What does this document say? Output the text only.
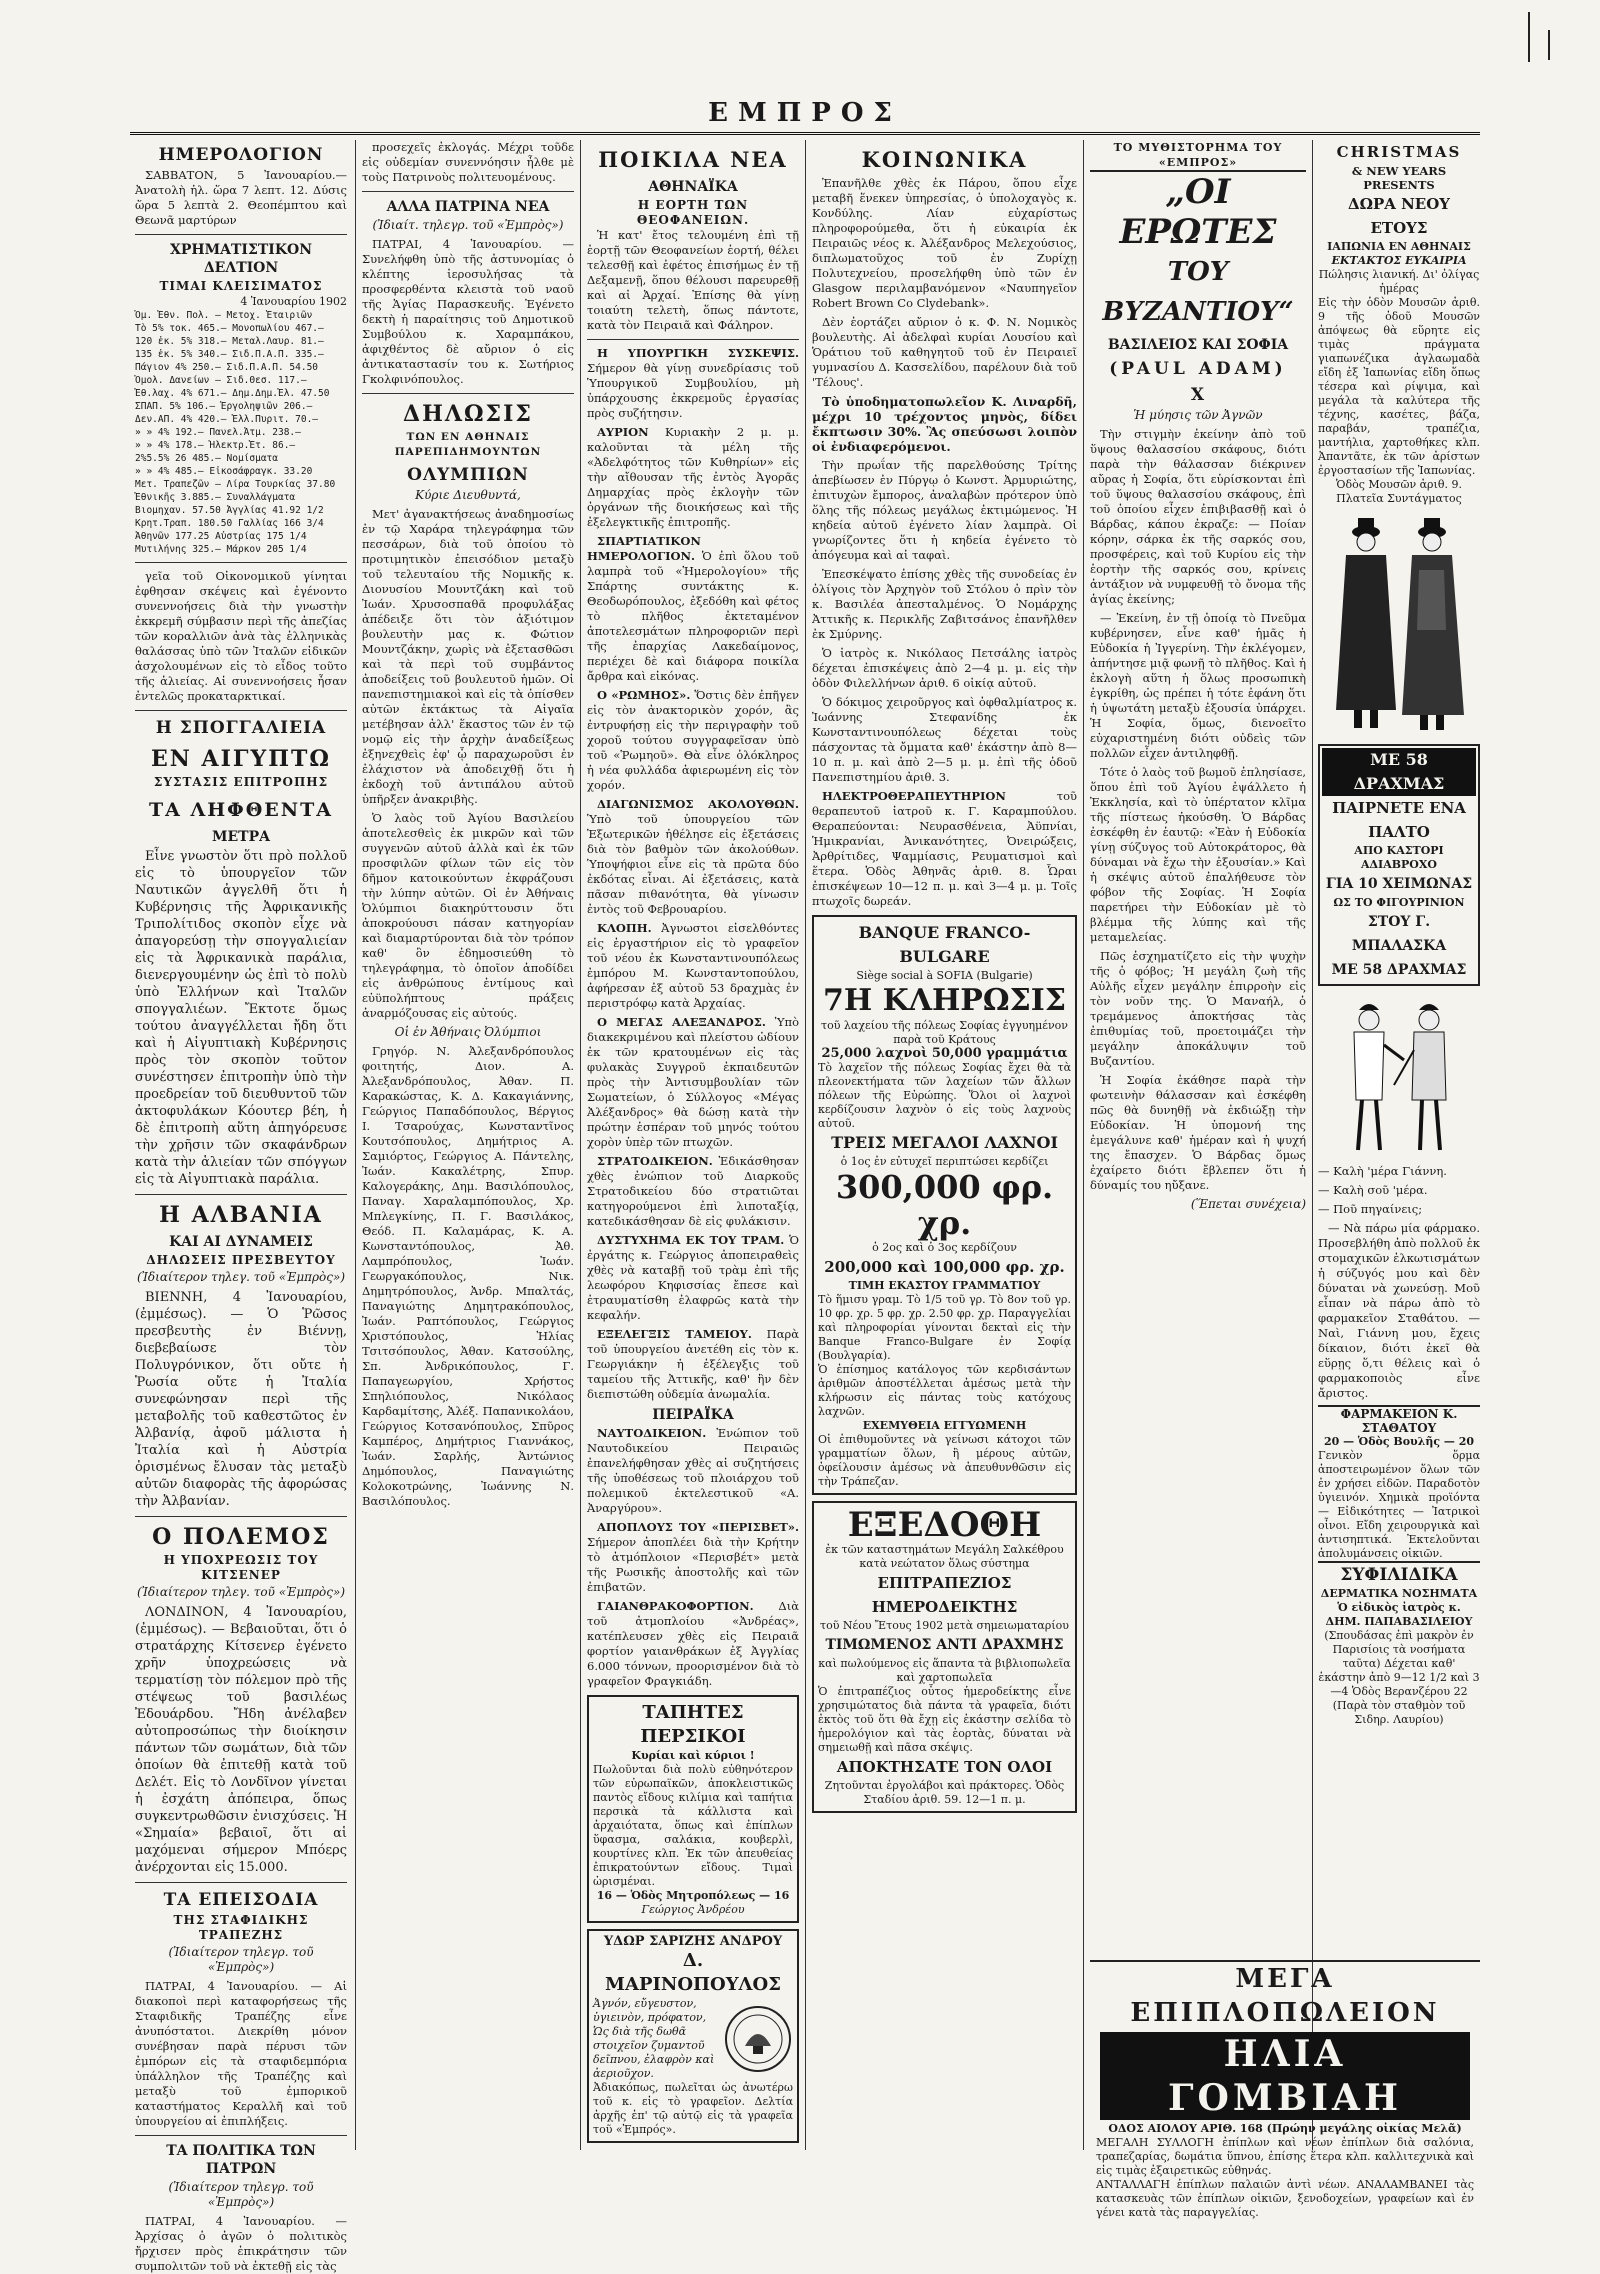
ΕΜΠΡΟΣ
ΗΜΕΡΟΛΟΓΙΟΝ

ΣΑΒΒΑΤΟΝ, 5 Ἰανουαρίου.— Ἀνατολὴ ἡλ. ὥρα 7 λεπτ. 12. Δύσις ὥρα 5 λεπτὰ 2. Θεοπέμπτου καὶ Θεωνᾶ μαρτύρων

ΧΡΗΜΑΤΙΣΤΙΚΟΝ ΔΕΛΤΙΟΝ
ΤΙΜΑΙ ΚΛΕΙΣΙΜΑΤΟΣ
4 Ἰανουαρίου 1902
Ὁμ. Ἐθν. Πολ. — Μετοχ. Ἑταιριῶν
Τὸ 5% τοκ. 465.— Μονοπωλίου 467.—
120 ἐκ. 5% 318.— Μεταλ.Λαυρ. 81.—
135 ἐκ. 5% 340.— Σιδ.Π.Α.Π. 335.—
Πάγιον 4% 250.— Σιδ.Π.Α.Π. 54.50
Ὁμολ. Δανείων — Σιδ.Θεσ. 117.—
Ἐθ.λαχ. 4% 671.— Δημ.Δημ.Ἐλ. 47.50
ΣΠΑΠ. 5% 106.— Ἐργοληψιῶν 206.—
Δεν.ΑΠ. 4% 420.— Ἑλλ.Πυριτ. 70.—
» » 4% 192.— Πανελ.Ἀτμ. 238.—
» » 4% 178.— Ἠλεκτρ.Ἑτ. 86.—
2%5.5% 26 485.— Νομίσματα
» » 4% 485.— Εἰκοσάφραγκ. 33.20
Μετ. Τραπεζῶν — Λίρα Τουρκίας 37.80
Ἐθνικῆς 3.885.— Συναλλάγματα
Βιομηχαν. 57.50 Ἀγγλίας 41.92 1/2
Κρητ.Τραπ. 180.50 Γαλλίας 166 3/4
Ἀθηνῶν 177.25 Αὐστρίας 175 1/4
Μυτιλήνης 325.— Μάρκον 205 1/4

γεῖα τοῦ Οἰκονομικοῦ γίνηται ἐφθησαν σκέψεις καὶ ἐγένοντο συνεννοήσεις διὰ τὴν γνωστὴν ἐκκρεμῆ σύμβασιν περὶ τῆς ἀπεζίας τῶν κοραλλιῶν ἀνὰ τὰς ἑλληνικὰς θαλάσσας ὑπὸ τῶν Ἰταλῶν εἰδικῶν ἀσχολουμένων εἰς τὸ εἶδος τοῦτο τῆς ἁλιείας. Αἱ συνεννοήσεις ἦσαν ἐντελῶς προκαταρκτικαί.

Η ΣΠΟΓΓΑΛΙΕΙΑ
ΕΝ ΑΙΓΥΠΤΩ
ΣΥΣΤΑΣΙΣ ΕΠΙΤΡΟΠΗΣ
ΤΑ ΛΗΦΘΕΝΤΑ
ΜΕΤΡΑ

Εἶνε γνωστὸν ὅτι πρὸ πολλοῦ εἰς τὸ ὑπουργεῖον τῶν Ναυτικῶν ἀγγελθῆ ὅτι ἡ Κυβέρνησις τῆς Ἀφρικανικῆς Τριπολίτιδος σκοπὸν εἶχε νὰ ἀπαγορεύσῃ τὴν σπογγαλιείαν εἰς τὰ Ἀφρικανικὰ παράλια, διενεργουμένην ὡς ἐπὶ τὸ πολὺ ὑπὸ Ἑλλήνων καὶ Ἰταλῶν σπογγαλιέων. Ἔκτοτε ὅμως τούτου ἀναγγέλλεται ἤδη ὅτι καὶ ἡ Αἰγυπτιακὴ Κυβέρνησις πρὸς τὸν σκοπὸν τοῦτον συνέστησεν ἐπιτροπὴν ὑπὸ τὴν προεδρείαν τοῦ διευθυντοῦ τῶν ἀκτοφυλάκων Κόουτερ βέη, ἡ δὲ ἐπιτροπὴ αὕτη ἀπηγόρευσε τὴν χρῆσιν τῶν σκαφάνδρων κατὰ τὴν ἁλιείαν τῶν σπόγγων εἰς τὰ Αἰγυπτιακὰ παράλια.

Η ΑΛΒΑΝΙΑ
ΚΑΙ ΑΙ ΔΥΝΑΜΕΙΣ
ΔΗΛΩΣΕΙΣ ΠΡΕΣΒΕΥΤΟΥ
(Ἰδιαίτερον τηλεγ. τοῦ «Ἐμπρὸς»)

ΒΙΕΝΝΗ, 4 Ἰανουαρίου, (ἐμμέσως). — Ὁ Ῥῶσος πρεσβευτὴς ἐν Βιέννῃ, διεβεβαίωσε τὸν Πολυγρόνικον, ὅτι οὔτε ἡ Ῥωσία οὔτε ἡ Ἰταλία συνεφώνησαν περὶ τῆς μεταβολῆς τοῦ καθεστῶτος ἐν Ἀλβανίᾳ, ἀφοῦ μάλιστα ἡ Ἰταλία καὶ ἡ Αὐστρία ὁρισμένως ἔλυσαν τὰς μεταξὺ αὐτῶν διαφορὰς τῆς ἀφορώσας τὴν Ἀλβανίαν.

Ο ΠΟΛΕΜΟΣ
Η ΥΠΟΧΡΕΩΣΙΣ ΤΟΥ ΚΙΤΣΕΝΕΡ
(Ἰδιαίτερον τηλεγ. τοῦ «Ἐμπρὸς»)

ΛΟΝΔΙΝΟΝ, 4 Ἰανουαρίου, (ἐμμέσως). — Βεβαιοῦται, ὅτι ὁ στρατάρχης Κίτσενερ ἐγένετο χρῆν ὑποχρεώσεις νὰ τερματίσῃ τὸν πόλεμον πρὸ τῆς στέψεως τοῦ βασιλέως Ἐδουάρδου. Ἤδη ἀνέλαβεν αὐτοπροσώπως τὴν διοίκησιν πάντων τῶν σωμάτων, διὰ τῶν ὁποίων θὰ ἐπιτεθῇ κατὰ τοῦ Δελέτ. Εἰς τὸ Λονδῖνον γίνεται ἡ ἐσχάτη ἀπόπειρα, ὅπως συγκεντρωθῶσιν ἐνισχύσεις. Ἡ «Σημαία» βεβαιοῖ, ὅτι αἱ μαχόμεναι σήμερον Μπόερς ἀνέρχονται εἰς 15.000.

ΤΑ ΕΠΕΙΣΟΔΙΑ
ΤΗΣ ΣΤΑΦΙΔΙΚΗΣ ΤΡΑΠΕΖΗΣ
(Ἰδιαίτερον τηλεγρ. τοῦ «Ἐμπρὸς»)

ΠΑΤΡΑΙ, 4 Ἰανουαρίου. — Αἱ διακοποὶ περὶ καταφορήσεως τῆς Σταφιδικῆς Τραπέζης εἶνε ἀνυπόστατοι. Διεκρίθη μόνον συνέβησαν παρὰ πέρυσι τῶν ἐμπόρων εἰς τὰ σταφιδεμπόρια ὑπάλληλον τῆς Τραπέζης καὶ μεταξὺ τοῦ ἐμπορικοῦ καταστήματος Κεραλλῆ καὶ τοῦ ὑπουργείου αἱ ἐπιπλήξεις.

ΤΑ ΠΟΛΙΤΙΚΑ ΤΩΝ ΠΑΤΡΩΝ
(Ἰδιαίτερον τηλεγρ. τοῦ «Ἐμπρὸς»)

ΠΑΤΡΑΙ, 4 Ἰανουαρίου. — Ἀρχίσας ὁ ἀγῶν ὁ πολιτικὸς ἤρχισεν πρὸς ἐπικράτησιν τῶν συμπολιτῶν τοῦ νὰ ἐκτεθῇ εἰς τὰς

προσεχεῖς ἐκλογάς. Μέχρι τοῦδε εἰς οὐδεμίαν συνεννόησιν ἦλθε μὲ τοὺς Πατρινοὺς πολιτευομένους.

ΑΛΛΑ ΠΑΤΡΙΝΑ ΝΕΑ
(Ἰδιαίτ. τηλεγρ. τοῦ «Ἐμπρὸς»)

ΠΑΤΡΑΙ, 4 Ἰανουαρίου. — Συνελήφθη ὑπὸ τῆς ἀστυνομίας ὁ κλέπτης ἱεροσυλήσας τὰ προσφερθέντα κλειστὰ τοῦ ναοῦ τῆς Ἁγίας Παρασκευῆς. Ἐγένετο δεκτὴ ἡ παραίτησις τοῦ Δημοτικοῦ Συμβούλου κ. Χαραμπάκου, ἀφιχθέντος δὲ αὔριον ὁ εἰς ἀντικαταστασίν του κ. Σωτήριος Γκολφινόπουλος.

ΔΗΛΩΣΙΣ
ΤΩΝ ΕΝ ΑΘΗΝΑΙΣ ΠΑΡΕΠΙΔΗΜΟΥΝΤΩΝ
ΟΛΥΜΠΙΩΝ
Κύριε Διευθυντά,

Μετ' ἀγανακτήσεως ἀναδημοσίως ἐν τῷ Χαράρα τηλεγράφημα τῶν πεσσάρων, διὰ τοῦ ὁποίου τὸ προτιμητικὸν ἐπεισόδιον μεταξὺ τοῦ τελευταίου τῆς Νομικῆς κ. Διονυσίου Μουντζάκη καὶ τοῦ Ἰωάν. Χρυσοσπαθᾶ προφυλάξας ἀπέδειξε ὅτι τὸν ἀξιότιμον βουλευτὴν μας κ. Φώτιον Μουντζάκην, χωρὶς νὰ ἐξετασθῶσι καὶ τὰ περὶ τοῦ συμβάντος ἀποδείξεις τοῦ βουλευτοῦ ἡμῶν. Οἱ πανεπιστημιακοὶ καὶ εἰς τὰ ὀπίσθεν αὐτῶν ἐκτάκτως τὰ Αἰγαῖα μετέβησαν ἀλλ' ἕκαστος τῶν ἐν τῷ νομῷ εἰς τὴν ἀρχὴν ἀναδείξεως ἐξηνεχθεὶς ἐφ' ᾧ παραχωροῦσι ἐν ἐλάχιστον νὰ ἀποδειχθῇ ὅτι ἡ ἐκδοχὴ τοῦ ἀντιπάλου αὐτοῦ ὑπῆρξεν ἀνακριβὴς.

Ὁ λαὸς τοῦ Ἀγίου Βασιλείου ἀποτελεσθεὶς ἐκ μικρῶν καὶ τῶν συγγενῶν αὐτοῦ ἀλλὰ καὶ ἐκ τῶν προσφιλῶν φίλων τῶν εἰς τὸν δῆμον κατοικούντων ἐκφράζουσι τὴν λύπην αὐτῶν. Οἱ ἐν Ἀθήναις Ὀλύμπιοι διακηρύττουσιν ὅτι ἀποκρούουσι πάσαν κατηγορίαν καὶ διαμαρτύρονται διὰ τὸν τρόπον καθ' ὃν ἐδημοσιεύθη τὸ τηλεγράφημα, τὸ ὁποῖον ἀποδίδει εἰς ἀνθρώπους ἐντίμους καὶ εὐϋπολήπτους πράξεις ἀναρμόζουσας εἰς αὐτούς.

Οἱ ἐν Ἀθήναις Ὀλύμπιοι

Γρηγόρ. Ν. Ἀλεξανδρόπουλος φοιτητής, Διον. Α. Ἀλεξανδρόπουλος, Ἀθαν. Π. Καρακώστας, Κ. Δ. Κακαγιάννης, Γεώργιος Παπαδόπουλος, Βέργιος Ι. Τσαρούχας, Κωνσταντῖνος Κουτσόπουλος, Δημήτριος Α. Σαμιόρτος, Γεώργιος Α. Πάντελης, Ἰωάν. Κακαλέτρης, Σπυρ. Καλογεράκης, Δημ. Βασιλόπουλος, Παναγ. Χαραλαμπόπουλος, Χρ. Μπλεγκίνης, Π. Γ. Βασιλάκος, Θεόδ. Π. Καλαμάρας, Κ. Α. Κωνσταντόπουλος, Ἀθ. Λαμπρόπουλος, Ἰωάν. Γεωργακόπουλος, Νικ. Δημητρόπουλος, Ἀνδρ. Μπαλτάς, Παναγιώτης Δημητρακόπουλος, Ἰωάν. Ραπτόπουλος, Γεώργιος Χριστόπουλος, Ἠλίας Τσιτσόπουλος, Ἀθαν. Κατσούλης, Σπ. Ἀνδρικόπουλος, Γ. Παπαγεωργίου, Χρήστος Σπηλιόπουλος, Νικόλαος Καρδαμίτσης, Ἀλέξ. Παπανικολάου, Γεώργιος Κοτσανόπουλος, Σπῦρος Καμπέρος, Δημήτριος Γιαννάκος, Ἰωάν. Σαρλής, Ἀντώνιος Δημόπουλος, Παναγιώτης Κολοκοτρώνης, Ἰωάννης Ν. Βασιλόπουλος.

ΠΟΙΚΙΛΑ ΝΕΑ
ΑΘΗΝΑΪΚΑ
Η ΕΟΡΤΗ ΤΩΝ ΘΕΟΦΑΝΕΙΩΝ.

Ἡ κατ' ἔτος τελουμένη ἐπὶ τῇ ἑορτῇ τῶν Θεοφανείων ἑορτή, θέλει τελεσθῇ καὶ ἐφέτος ἐπισήμως ἐν τῇ Δεξαμενῇ, ὅπου θέλουσι παρευρεθῇ καὶ αἱ Ἀρχαί. Ἐπίσης θὰ γίνῃ τοιαύτη τελετὴ, ὅπως πάντοτε, κατὰ τὸν Πειραιᾶ καὶ Φάληρον.

Η ΥΠΟΥΡΓΙΚΗ ΣΥΣΚΕΨΙΣ. Σήμερον θὰ γίνῃ συνεδρίασις τοῦ Ὑπουργικοῦ Συμβουλίου, μὴ ὑπάρχουσης ἐκκρεμοῦς ἐργασίας πρὸς συζήτησιν.

ΑΥΡΙΟΝ Κυριακὴν 2 μ. μ. καλοῦνται τὰ μέλη τῆς «Ἀδελφότητος τῶν Κυθηρίων» εἰς τὴν αἴθουσαν τῆς ἐντὸς Ἀγορᾶς Δημαρχίας πρὸς ἐκλογὴν τῶν ὀργάνων τῆς διοικήσεως καὶ τῆς ἐξελεγκτικῆς ἐπιτροπῆς.

ΣΠΑΡΤΙΑΤΙΚΟΝ ΗΜΕΡΟΛΟΓΙΟΝ. Ὁ ἐπὶ ὅλου τοῦ λαμπρὰ τοῦ «Ἡμερολογίου» τῆς Σπάρτης συντάκτης κ. Θεοδωρόπουλος, ἐξεδόθη καὶ φέτος τὸ πλῆθος ἐκτεταμένον ἀποτελεσμάτων πληροφοριῶν περὶ τῆς ἐπαρχίας Λακεδαίμονος, περιέχει δὲ καὶ διάφορα ποικίλα ἄρθρα καὶ εἰκόνας.

Ο «ΡΩΜΗΟΣ». Ὅστις δὲν ἐπῆγεν εἰς τὸν ἀνακτορικὸν χορόν, ἂς ἐντρυφήσῃ εἰς τὴν περιγραφὴν τοῦ χοροῦ τούτου συγγραφεῖσαν ὑπὸ τοῦ «Ῥωμηοῦ». Θὰ εἶνε ὁλόκληρος ἡ νέα φυλλάδα ἀφιερωμένη εἰς τὸν χορόν.

ΔΙΑΓΩΝΙΣΜΟΣ ΑΚΟΛΟΥΘΩΝ. Ὑπὸ τοῦ ὑπουργείου τῶν Ἐξωτερικῶν ἠθέλησε εἰς ἐξετάσεις διὰ τὸν βαθμὸν τῶν ἀκολούθων. Ὑποψήφιοι εἶνε εἰς τὰ πρῶτα δύο ἐκδότας εἶναι. Αἱ ἐξετάσεις, κατὰ πᾶσαν πιθανότητα, θὰ γίνωσιν ἐντὸς τοῦ Φεβρουαρίου.

ΚΛΟΠΗ. Ἀγνωστοι εἰσελθόντες εἰς ἐργαστήριον εἰς τὸ γραφεῖον τοῦ νέου ἐκ Κωνσταντινουπόλεως ἐμπόρου Μ. Κωνσταντοπούλου, ἀφήρεσαν ἐξ αὐτοῦ 53 δραχμὰς ἐν περιστρόφῳ κατὰ Ἀρχαίας.

Ο ΜΕΓΑΣ ΑΛΕΞΑΝΔΡΟΣ. Ὑπὸ διακεκριμένου καὶ πλείστου ὠδίουν ἐκ τῶν κρατουμένων εἰς τὰς φυλακὰς Συγγροῦ ἐκπαιδευτῶν πρὸς τὴν Ἀντισυμβουλίαν τῶν Σωματείων, ὁ Σύλλογος «Μέγας Ἀλέξανδρος» θὰ δώσῃ κατὰ τὴν πρώτην ἑσπέραν τοῦ μηνός τούτου χορὸν ὑπὲρ τῶν πτωχῶν.

ΣΤΡΑΤΟΔΙΚΕΙΟΝ. Ἐδικάσθησαν χθὲς ἐνώπιον τοῦ Διαρκοῦς Στρατοδικείου δύο στρατιῶται κατηγορούμενοι ἐπὶ λιποταξίᾳ, κατεδικάσθησαν δὲ εἰς φυλάκισιν.

ΔΥΣΤΥΧΗΜΑ ΕΚ ΤΟΥ ΤΡΑΜ. Ὁ ἐργάτης κ. Γεώργιος ἀποπειραθεὶς χθὲς νὰ καταβῇ τοῦ τρὰμ ἐπὶ τῆς λεωφόρου Κηφισσίας ἔπεσε καὶ ἐτραυματίσθη ἐλαφρῶς κατὰ τὴν κεφαλήν.

ΕΞΕΛΕΓΞΙΣ ΤΑΜΕΙΟΥ. Παρὰ τοῦ ὑπουργείου ἀνετέθη εἰς τὸν κ. Γεωργιάκην ἡ ἐξέλεγξις τοῦ ταμείου τῆς Ἀττικῆς, καθ' ἣν δὲν διεπιστώθη οὐδεμία ἀνωμαλία.

ΠΕΙΡΑΪΚΑ

ΝΑΥΤΟΔΙΚΕΙΟΝ. Ἐνώπιον τοῦ Ναυτοδικείου Πειραιῶς ἐπανελήφθησαν χθὲς αἱ συζητήσεις τῆς ὑποθέσεως τοῦ πλοιάρχου τοῦ πολεμικοῦ ἐκτελεστικοῦ «Α. Ἀναργύρου».

ΑΠΟΠΛΟΥΣ ΤΟΥ «ΠΕΡΙΣΒΕΤ». Σήμερον ἀποπλέει διὰ τὴν Κρήτην τὸ ἀτμόπλοιον «Περισβέτ» μετὰ τῆς Ρωσικῆς ἀποστολῆς καὶ τῶν ἐπιβατῶν.

ΓΑΙΑΝΘΡΑΚΟΦΟΡΤΙΟΝ. Διὰ τοῦ ἀτμοπλοίου «Ἀνδρέας», κατέπλευσεν χθὲς εἰς Πειραιᾶ φορτίον γαιανθράκων ἐξ Ἀγγλίας 6.000 τόννων, προορισμένον διὰ τὸ γραφεῖον Φραγκιάδη.

ΤΑΠΗΤΕΣ ΠΕΡΣΙΚΟΙ
Κυρίαι καὶ κύριοι !
Πωλοῦνται διὰ πολὺ εὐθηνότερον τῶν εὐρωπαϊκῶν, ἀποκλειστικῶς παντὸς εἴδους κιλίμια καὶ ταπήτια περσικὰ τὰ κάλλιστα καὶ ἀρχαιότατα, ὅπως καὶ ἐπίπλων ὕφασμα, σαλάκια, κουβερλὶ, κουρτίνες κλπ. Ἐκ τῶν ἀπευθείας ἐπικρατούντων εἴδους. Τιμαὶ ὡρισμέναι.
16 — Ὁδὸς Μητροπόλεως — 16
Γεώργιος Ἀνδρέου
ΥΔΩΡ ΣΑΡΙΖΗΣ ΑΝΔΡΟΥ
Δ. ΜΑΡΙΝΟΠΟΥΛΟΣ
Ἀγνόν, εὔγευστον, ὑγιεινὸν, πρόφατον, Ὡς διὰ τῆς δωθᾶ στοιχεῖον ζυμαντοῦ δεῖπνου, ἐλαφρὸν καὶ ἀεριοῦχον.
Ἀδιακόπως, πωλεῖται ὡς ἀνωτέρω τοῦ κ. εἰς τὸ γραφεῖον. Δελτία ἀρχῆς ἐπ' τῷ αὐτῷ εἰς τὰ γραφεῖα τοῦ «Ἐμπρός».
ΚΟΙΝΩΝΙΚΑ

Ἐπανῆλθε χθὲς ἐκ Πάρου, ὅπου εἶχε μεταβῆ ἕνεκεν ὑπηρεσίας, ὁ ὑπολοχαγὸς κ. Κονδύλης. Λίαν εὐχαρίστως πληροφορούμεθα, ὅτι ἡ εὐκαιρία ἐκ Πειραιῶς νέος κ. Ἀλέξανδρος Μελεχούσιος, διπλωματοῦχος τοῦ ἐν Ζυρίχῃ Πολυτεχνείου, προσελήφθη ὑπὸ τῶν ἐν Glasgow περιλαμβανόμενον «Ναυπηγεῖον Robert Brown Co Clydebank».

Δὲν ἐορτάζει αὔριον ὁ κ. Φ. Ν. Νομικὸς βουλευτὴς. Αἱ ἀδελφαὶ κυρίαι Λουσίου καὶ Ὁράτιου τοῦ καθηγητοῦ τοῦ ἐν Πειραιεῖ γυμνασίου Δ. Κασσελίδου, παρέλουν διὰ τοῦ 'Τέλους'.

Τὸ ὑποδηματοπωλεῖον Κ. Λιναρδῆ, μέχρι 10 τρέχοντος μηνὸς, δίδει ἔκπτωσιν 30%. Ἂς σπεύσωσι λοιπὸν οἱ ἐνδιαφερόμενοι.

Τὴν πρωΐαν τῆς παρελθούσης Τρίτης ἀπεβίωσεν ἐν Πύργῳ ὁ Κωνστ. Ἀρμυριώτης, ἐπιτυχὼν ἔμπορος, ἀναλαβὼν πρότερον ὑπὸ ὅλης τῆς πόλεως μεγάλως ἐκτιμώμενος. Ἡ κηδεία αὐτοῦ ἐγένετο λίαν λαμπρὰ. Οἱ γνωρίζοντες ὅτι ἡ κηδεία ἐγένετο τὸ ἀπόγευμα καὶ αἱ ταφαὶ.

Ἐπεσκέψατο ἐπίσης χθὲς τῆς συνοδείας ἐν ὀλίγοις τὸν Ἀρχηγὸν τοῦ Στόλου ὁ πρὶν τὸν κ. Βασιλέα ἀπεσταλμένος. Ὁ Νομάρχης Ἀττικῆς κ. Περικλῆς Ζαβιτσάνος ἐπανῆλθεν ἐκ Σμύρνης.

Ὁ ἰατρὸς κ. Νικόλαος Πετσάλης ἰατρὸς δέχεται ἐπισκέψεις ἀπὸ 2—4 μ. μ. εἰς τὴν ὁδὸν Φιλελλήνων ἀριθ. 6 οἰκίᾳ αὐτοῦ.

Ὁ δόκιμος χειροῦργος καὶ ὀφθαλμίατρος κ. Ἰωάννης Στεφανίδης ἐκ Κωνσταντινουπόλεως δέχεται τοὺς πάσχοντας τὰ ὄμματα καθ' ἑκάστην ἀπὸ 8—10 π. μ. καὶ ἀπὸ 2—5 μ. μ. ἐπὶ τῆς ὁδοῦ Πανεπιστημίου ἀριθ. 3.

ΗΛΕΚΤΡΟΘΕΡΑΠΕΥΤΗΡΙΟΝ	τοῦ θεραπευτοῦ ἰατροῦ κ. Γ. Καραμπούλου. Θεραπεύονται: Νευρασθένεια, Ἀϋπνίαι, Ἡμικρανίαι, Ἀνικανότητες, Ὀνειρώξεις, Ἀρθρίτιδες, Ψαμμίασις, Ρευματισμοὶ καὶ ἕτερα. Ὁδὸς Ἀθηνᾶς ἀριθ. 8. Ὧραι ἐπισκέψεων 10—12 π. μ. καὶ 3—4 μ. μ. Τοῖς πτωχοῖς δωρεάν.

BANQUE FRANCO-BULGARE
Siège social à SOFIA (Bulgarie)
7Η ΚΛΗΡΩΣΙΣ
τοῦ λαχείου τῆς πόλεως Σοφίας ἐγγυημένον παρὰ τοῦ Κράτους
25,000 λαχνοὶ 50,000 γραμμάτια
Τὸ λαχεῖον τῆς πόλεως Σοφίας ἔχει θὰ τὰ πλεονεκτήματα τῶν λαχείων τῶν ἄλλων πόλεων τῆς Εὐρώπης. Ὅλοι οἱ λαχνοὶ κερδίζουσιν λαχνὸν ὁ εἰς τοὺς λαχνοὺς αὐτοῦ.
ΤΡΕΙΣ ΜΕΓΑΛΟΙ ΛΑΧΝΟΙ
ὁ 1ος ἐν εὐτυχεῖ περιπτώσει κερδίζει
300,000 φρ. χρ.
ὁ 2ος καὶ ὁ 3ος κερδίζουν
200,000 καὶ 100,000 φρ. χρ.
ΤΙΜΗ ΕΚΑΣΤΟΥ ΓΡΑΜΜΑΤΙΟΥ
Τὸ ἥμισυ γραμ. Τὸ 1/5 τοῦ γρ. Τὸ 8ον τοῦ γρ. 10 φρ. χρ. 5 φρ. χρ. 2.50 φρ. χρ. Παραγγελίαι καὶ πληροφορίαι γίνονται δεκταὶ εἰς τὴν Banque Franco-Bulgare ἐν Σοφίᾳ (Βουλγαρία).
Ὁ ἐπίσημος κατάλογος τῶν κερδισάντων ἀριθμῶν ἀποστέλλεται ἀμέσως μετὰ τὴν κλήρωσιν εἰς πάντας τοὺς κατόχους λαχνῶν.
ΕΧΕΜΥΘΕΙΑ ΕΓΓΥΩΜΕΝΗ
Οἱ ἐπιθυμοῦντες νὰ γείνωσι κάτοχοι τῶν γραμματίων ὅλων, ἢ μέρους αὐτῶν, ὀφείλουσιν ἀμέσως νὰ ἀπευθυνθῶσιν εἰς τὴν Τράπεζαν.
ΕΞΕΔΟΘΗ
ἐκ τῶν καταστημάτων Μεγάλη Σαλκέθρου κατὰ νεώτατον ὅλως σύστημα
ΕΠΙΤΡΑΠΕΖΙΟΣ ΗΜΕΡΟΔΕΙΚΤΗΣ
τοῦ Νέου Ἔτους 1902 μετὰ σημειωματαρίου
ΤΙΜΩΜΕΝΟΣ ΑΝΤΙ ΔΡΑΧΜΗΣ
καὶ πωλούμενος εἰς ἅπαντα τὰ βιβλιοπωλεῖα καὶ χαρτοπωλεῖα
Ὁ ἐπιτραπέζιος οὗτος ἡμεροδείκτης εἶνε χρησιμώτατος διὰ πάντα τὰ γραφεῖα, διότι ἐκτὸς τοῦ ὅτι θὰ ἔχῃ εἰς ἑκάστην σελίδα τὸ ἡμερολόγιον καὶ τὰς ἑορτὰς, δύναται νὰ σημειωθῇ καὶ πᾶσα σκέψις.
ΑΠΟΚΤΗΣΑΤΕ ΤΟΝ ΟΛΟΙ
Ζητοῦνται ἐργολάβοι καὶ πράκτορες. Ὁδὸς Σταδίου ἀριθ. 59. 12—1 π. μ.
ΤΟ ΜΥΘΙΣΤΟΡΗΜΑ ΤΟΥ «ΕΜΠΡΟΣ»
„ΟΙ ΕΡΩΤΕΣ
ΤΟΥ ΒΥΖΑΝΤΙΟΥ“
ΒΑΣΙΛΕΙΟΣ ΚΑΙ ΣΟΦΙΑ
(PAUL ADAM)
X
Ἡ μύησις τῶν Ἀγνῶν

Τὴν στιγμὴν ἐκείνην ἀπὸ τοῦ ὕψους θαλασσίου σκάφους, διότι παρὰ τὴν θάλασσαν διέκρινεν αὔρας ἡ Σοφία, ὅτι εὑρίσκονται ἐπὶ τοῦ ὕψους θαλασσίου σκάφους, ἐπὶ τοῦ ὁποίου εἶχεν ἐπιβιβασθῇ καὶ ὁ Βάρδας, κάπου ἐκραζε: — Ποίαν κόρην, σάρκα ἐκ τῆς σαρκός σου, προσφέρεις, καὶ τοῦ Κυρίου εἰς τὴν ἑορτὴν τῆς σαρκός σου, κρίνεις ἀντάξιον νὰ νυμφευθῇ τὸ ὄνομα τῆς ἁγίας ἐκείνης;

— Ἐκείνη, ἐν τῇ ὁποίᾳ τὸ Πνεῦμα κυβέρνησεν, εἶνε καθ' ἡμᾶς ἡ Εὐδοκία ἡ Ἰγγερίνη. Τὴν ἐκλέγομεν, ἀπήντησε μιᾷ φωνῇ τὸ πλῆθος. Καὶ ἡ ἐκλογὴ αὕτη ἡ ὅλως προσωπικὴ ἐγκρίθη, ὡς πρέπει ἡ τότε ἐφάνη ὅτι ἡ ὑψωτάτη μεταξὺ ἐξουσία ὑπάρχει. Ἡ Σοφία, ὅμως, διενοεῖτο εὐχαριστημένη διότι οὐδεὶς τῶν πολλῶν εἶχεν ἀντιληφθῇ.

Τότε ὁ λαὸς τοῦ βωμοῦ ἐπλησίασε, ὅπου ἐπὶ τοῦ Ἁγίου ἐψάλλετο ἡ Ἐκκλησία, καὶ τὸ ὑπέρτατον κλῖμα τῆς πίστεως ἠκούσθη. Ὁ Βάρδας ἐσκέφθη ἐν ἑαυτῷ: «Ἐὰν ἡ Εὐδοκία γίνῃ σύζυγος τοῦ Αὐτοκράτορος, θὰ δύναμαι νὰ ἔχω τὴν ἐξουσίαν.» Καὶ ἡ σκέψις αὐτοῦ ἐπαλήθευσε τὸν φόβον τῆς Σοφίας. Ἡ Σοφία παρετήρει τὴν Εὐδοκίαν μὲ τὸ βλέμμα τῆς λύπης καὶ τῆς μεταμελείας.

Πῶς ἐσχηματίζετο εἰς τὴν ψυχὴν τῆς ὁ φόβος; Ἡ μεγάλη ζωὴ τῆς Αὐλῆς εἶχεν μεγάλην ἐπιρροὴν εἰς τὸν νοῦν της. Ὁ Μαναήλ, ὁ τρεμάμενος ἀποκτήσας τὰς ἐπιθυμίας τοῦ, προετοιμάζει τὴν μεγάλην ἀποκάλυψιν τοῦ Βυζαντίου.

Ἡ Σοφία ἐκάθησε παρὰ τὴν φωτεινὴν θάλασσαν καὶ ἐσκέφθη πῶς θὰ δυνηθῇ νὰ ἐκδιώξῃ τὴν Εὐδοκίαν. Ἡ ὑπομονή της ἐμεγάλυνε καθ' ἡμέραν καὶ ἡ ψυχή της ἔπασχεν. Ὁ Βάρδας ὅμως ἐχαίρετο διότι ἔβλεπεν ὅτι ἡ δύναμίς του ηὔξανε.

(Ἕπεται συνέχεια)
CHRISTMAS
& NEW YEARS PRESENTS
ΔΩΡΑ ΝΕΟΥ ΕΤΟΥΣ
ΙΑΠΩΝΙΑ ΕΝ ΑΘΗΝΑΙΣ
ΕΚΤΑΚΤΟΣ ΕΥΚΑΙΡΙΑ
Πώλησις λιανική. Δι' ὀλίγας ἡμέρας
Εἰς τὴν ὁδὸν Μουσῶν ἀριθ. 9 τῆς ὁδοῦ Μουσῶν ἀπόψεως θὰ εὕρητε εἰς τιμὰς πράγματα γιαπωνέζικα ἀγλαωμαδὰ εἴδη ἐξ Ἰαπωνίας εἴδη ὅπως τέσερα καὶ ρίψιμα, καὶ μεγάλα τὰ καλύτερα τῆς τέχνης, κασέτες, βάζα, παραβάν, τραπέζια, μαντήλια, χαρτοθήκες κλπ. Ἀπαντᾶτε, ἐκ τῶν ἀρίστων ἐργοστασίων τῆς Ἰαπωνίας.
Ὁδὸς Μουσῶν ἀριθ. 9. Πλατεῖα Συντάγματος
ΜΕ 58 ΔΡΑΧΜΑΣ
ΠΑΙΡΝΕΤΕ ΕΝΑ ΠΑΛΤΟ
ΑΠΟ ΚΑΣΤΟΡΙ ΑΔΙΑΒΡΟΧΟ
ΓΙΑ 10 ΧΕΙΜΩΝΑΣ
ΩΣ ΤΟ ΦΙΓΟΥΡΙΝΙΟΝ
ΣΤΟΥ Γ. ΜΠΑΛΑΣΚΑ
ΜΕ 58 ΔΡΑΧΜΑΣ

— Καλὴ 'μέρα Γιάννη.

— Καλὴ σοῦ 'μέρα.

— Ποῦ πηγαίνεις;

— Νὰ πάρω μία φάρμακο. Προσεβλήθη ἀπὸ πολλοῦ ἐκ στομαχικῶν ἐλκωτισμάτων ἡ σύζυγός μου καὶ δὲν δύναται νὰ χωνεύσῃ. Μοῦ εἶπαν νὰ πάρω ἀπὸ τὸ φαρμακεῖον Σταθάτου. — Ναὶ, Γιάννη μου, ἔχεις δίκαιον, διότι ἐκεῖ θὰ εὕρῃς ὅ,τι θέλεις καὶ ὁ φαρμακοποιὸς εἶνε ἄριστος.

ΦΑΡΜΑΚΕΙΟΝ Κ. ΣΤΑΘΑΤΟΥ
20 — Ὁδὸς Βουλῆς — 20
Γενικὸν ὅρμα ἀποστειρωμένον ὅλων τῶν ἐν χρήσει εἰδῶν. Παραδοτὸν ὑγιεινόν. Χημικὰ προϊόντα — Εἰδικότητες — Ἰατρικοὶ οἶνοι. Εἴδη χειρουργικὰ καὶ ἀντισηπτικά. Ἐκτελοῦνται ἀπολυμάνσεις οἰκιῶν.
ΣΥΦΙΛΙΔΙΚΑ
ΔΕΡΜΑΤΙΚΑ ΝΟΣΗΜΑΤΑ
Ὁ εἰδικὸς ἰατρὸς κ. ΔΗΜ. ΠΑΠΑΒΑΣΙΛΕΙΟΥ
(Σπουδάσας ἐπὶ μακρὸν ἐν Παρισίοις τὰ νοσήματα ταῦτα) Δέχεται καθ' ἑκάστην ἀπὸ 9—12 1/2 καὶ 3—4 Ὁδὸς Βερανζέρου 22 (Παρὰ τὸν σταθμὸν τοῦ Σιδηρ. Λαυρίου)
ΜΕΓΑ ΕΠΙΠΛΟΠΩΛΕΙΟΝ
ΗΛΙΑ ΓΟΜΒΙΑΗ
ΟΔΟΣ ΑΙΟΛΟΥ ΑΡΙΘ. 168 (Πρώην μεγάλης οἰκίας Μελᾶ)
ΜΕΓΑΛΗ ΣΥΛΛΟΓΗ ἐπίπλων καὶ νέων ἐπίπλων διὰ σαλόνια, τραπεζαρίας, δωμάτια ὕπνου, ἐπίσης ἕτερα κλπ. καλλιτεχνικὰ καὶ εἰς τιμὰς ἐξαιρετικῶς εὐθηνάς.
ΑΝΤΑΛΛΑΓΗ ἐπίπλων παλαιῶν ἀντὶ νέων. ΑΝΑΛΑΜΒΑΝΕΙ τὰς κατασκευὰς τῶν ἐπίπλων οἰκιῶν, ξενοδοχείων, γραφείων καὶ ἐν γένει κατὰ τὰς παραγγελίας.
